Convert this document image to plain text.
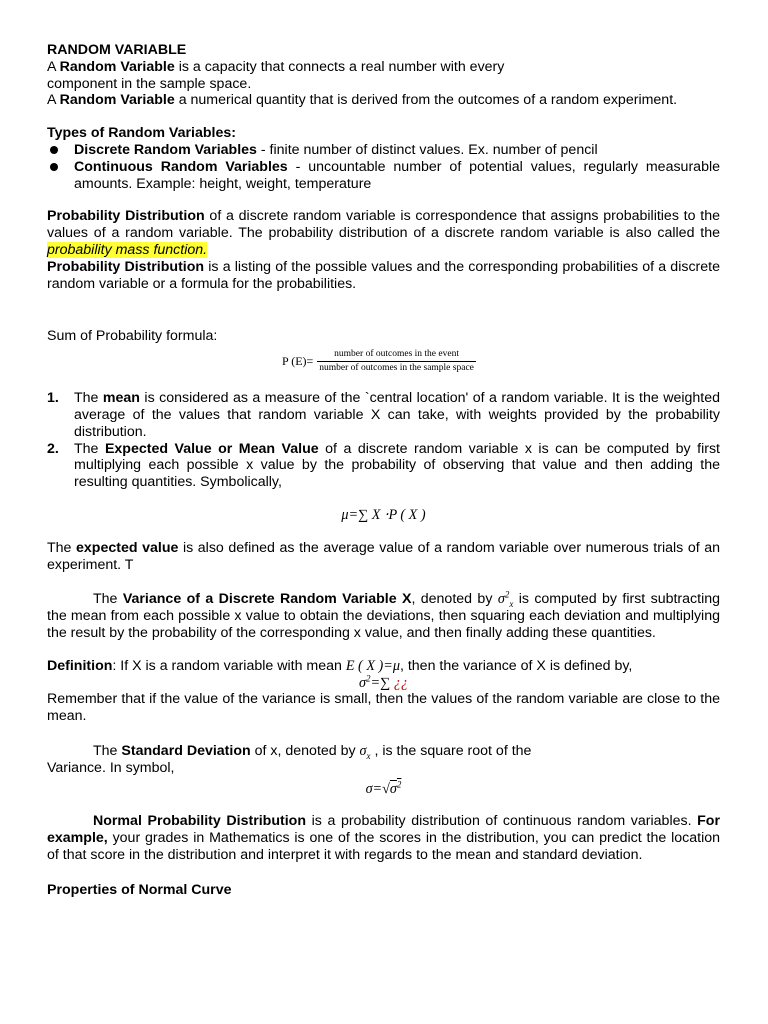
RANDOM VARIABLE

A Random Variable is a capacity that connects a real number with every
component in the sample space.

A Random Variable a numerical quantity that is derived from the outcomes of a random experiment.

Types of Random Variables:

Discrete Random Variables - finite number of distinct values. Ex. number of pencil
Continuous Random Variables - uncountable number of potential values, regularly measurable amounts. Example: height, weight, temperature

Probability Distribution of a discrete random variable is correspondence that assigns probabilities to the values of a random variable. The probability distribution of a discrete random variable is also called the probability mass function.

Probability Distribution is a listing of the possible values and the corresponding probabilities of a discrete random variable or a formula for the probabilities.

Sum of Probability formula:

P $(E)= \frac{\text{number of outcomes in the event}}{\text{number of outcomes in the sample space}}$
1. The mean is considered as a measure of the `central location' of a random variable. It is the weighted average of the values that random variable X can take, with weights provided by the probability distribution.
2. The Expected Value or Mean Value of a discrete random variable x is can be computed by first multiplying each possible x value by the probability of observing that value and then adding the resulting quantities. Symbolically,

μ=∑ X ⋅P ( X )

The expected value is also defined as the average value of a random variable over numerous trials of an experiment. T

The Variance of a Discrete Random Variable X, denoted by $\sigma^2_x$ is computed by first subtracting the mean from each possible x value to obtain the deviations, then squaring each deviation and multiplying the result by the probability of the corresponding x value, and then finally adding these quantities.

Definition: If X is a random variable with mean E ( X )=μ, then the variance of X is defined by,

$\sigma^2=\sum$ ¿¿

Remember that if the value of the variance is small, then the values of the random variable are close to the mean.

The Standard Deviation of x, denoted by $\sigma_x$ , is the square root of the

Variance. In symbol,

$\sigma=√\sigma^2$

Normal Probability Distribution is a probability distribution of continuous random variables. For example, your grades in Mathematics is one of the scores in the distribution, you can predict the location of that score in the distribution and interpret it with regards to the mean and standard deviation.

Properties of Normal Curve
